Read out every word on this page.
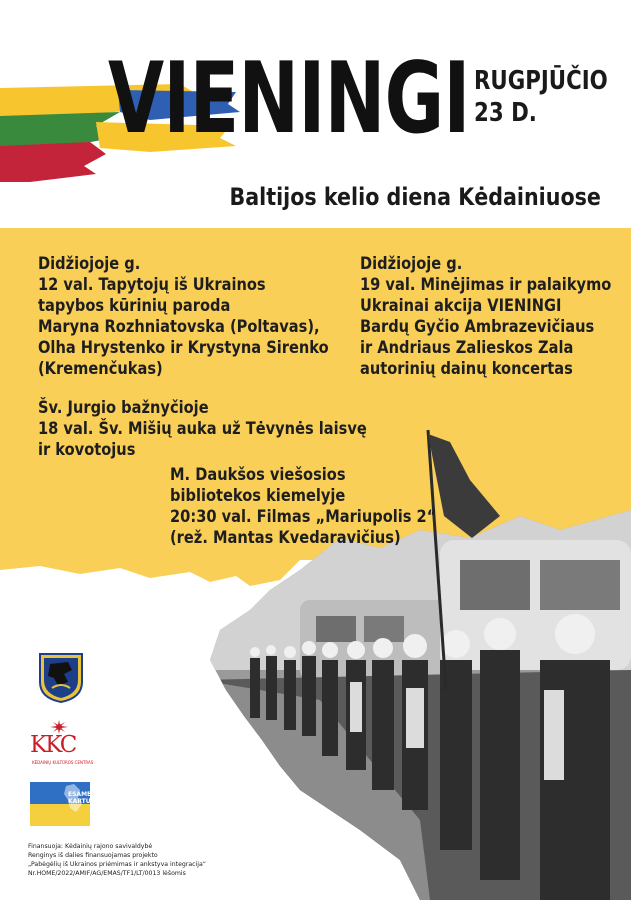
VIENINGI RUGPJŪČIO
23 D.
Baltijos kelio diena Kėdainiuose
Didžiojoje g.
12 val. Tapytojų iš Ukrainos
tapybos kūrinių paroda
Maryna Rozhniatovska (Poltavas),
Olha Hrystenko ir Krystyna Sirenko
(Kremenčukas)
Didžiojoje g.
19 val. Minėjimas ir palaikymo
Ukrainai akcija VIENINGI
Bardų Gyčio Ambrazevičiaus
ir Andriaus Zalieskos Zala
autorinių dainų koncertas
Šv. Jurgio bažnyčioje
18 val. Šv. Mišių auka už Tėvynės laisvę
ir kovotojus
M. Daukšos viešosios
bibliotekos kiemelyje
20:30 val. Filmas „Mariupolis 2“
(rež. Mantas Kvedaravičius)
KKC
KĖDAINIŲ KULTŪROS CENTRAS
ESAME
KARTU
Finansuoja: Kėdainių rajono savivaldybė
Renginys iš dalies finansuojamas projekto
„Pabėgėlių iš Ukrainos priėmimas ir ankstyva integracija“
Nr.HOME/2022/AMIF/AG/EMAS/TF1/LT/0013 lėšomis
